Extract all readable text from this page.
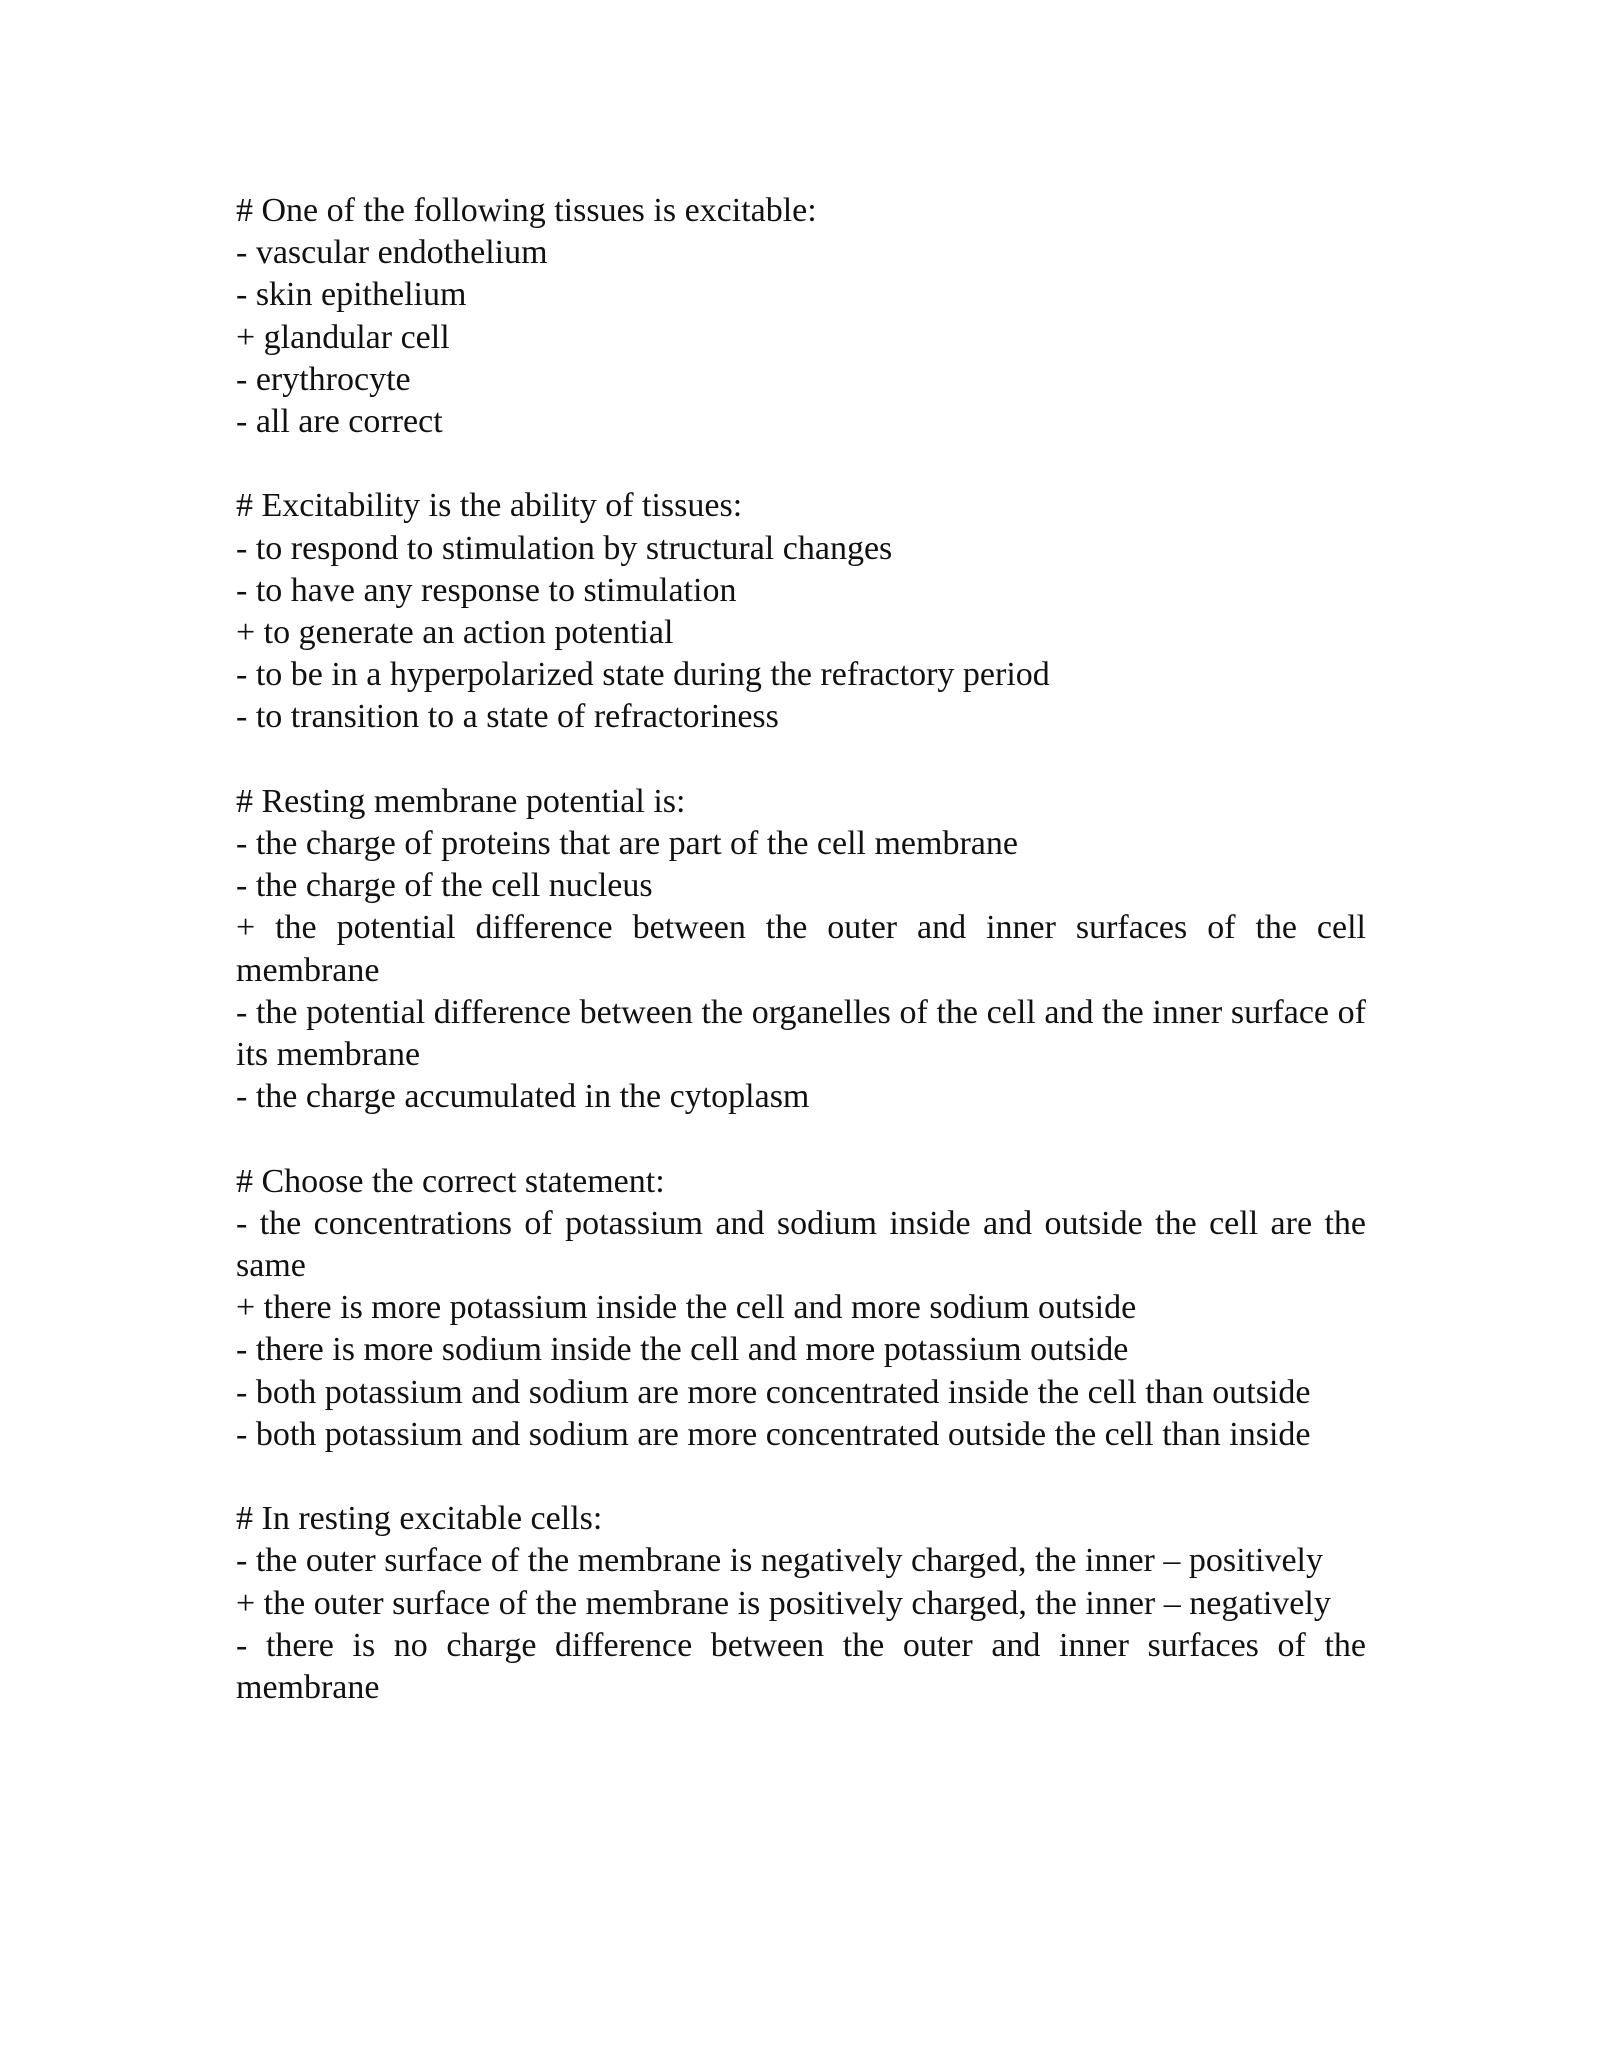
# One of the following tissues is excitable:
- vascular endothelium
- skin epithelium
+ glandular cell
- erythrocyte
- all are correct
# Excitability is the ability of tissues:
- to respond to stimulation by structural changes
- to have any response to stimulation
+ to generate an action potential
- to be in a hyperpolarized state during the refractory period
- to transition to a state of refractoriness
# Resting membrane potential is:
- the charge of proteins that are part of the cell membrane
- the charge of the cell nucleus
+ the potential difference between the outer and inner surfaces of the cell membrane
- the potential difference between the organelles of the cell and the inner surface of its membrane
- the charge accumulated in the cytoplasm
# Choose the correct statement:
- the concentrations of potassium and sodium inside and outside the cell are the same
+ there is more potassium inside the cell and more sodium outside
- there is more sodium inside the cell and more potassium outside
- both potassium and sodium are more concentrated inside the cell than outside
- both potassium and sodium are more concentrated outside the cell than inside
# In resting excitable cells:
- the outer surface of the membrane is negatively charged, the inner – positively
+ the outer surface of the membrane is positively charged, the inner – negatively
- there is no charge difference between the outer and inner surfaces of the membrane
